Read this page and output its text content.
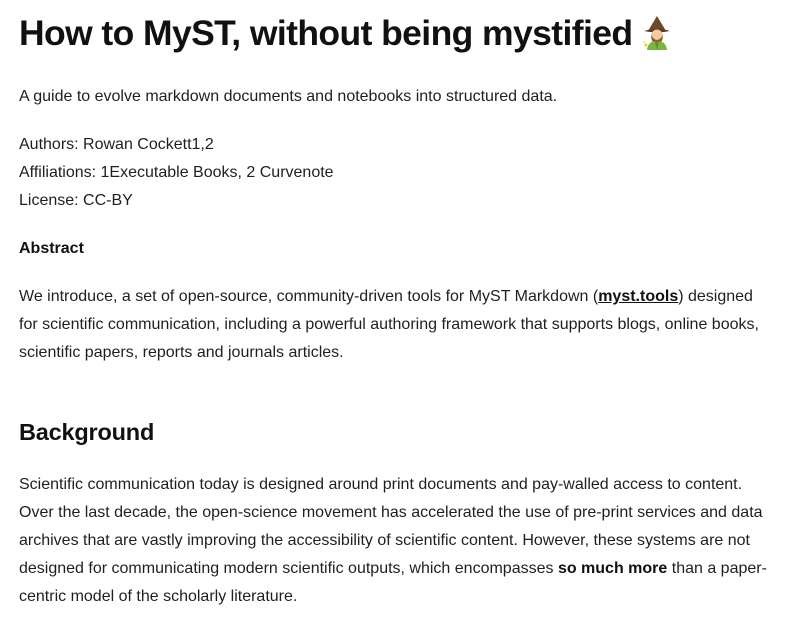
How to MyST, without being mystified
A guide to evolve markdown documents and notebooks into structured data.
Authors: Rowan Cockett1,2
Affiliations: 1Executable Books, 2 Curvenote
License: CC-BY
Abstract
We introduce, a set of open-source, community-driven tools for MyST Markdown (myst.tools) designed for scientific communication, including a powerful authoring framework that supports blogs, online books, scientific papers, reports and journals articles.
Background
Scientific communication today is designed around print documents and pay-walled access to content. Over the last decade, the open-science movement has accelerated the use of pre-print services and data archives that are vastly improving the accessibility of scientific content. However, these systems are not designed for communicating modern scientific outputs, which encompasses so much more than a paper-centric model of the scholarly literature.
